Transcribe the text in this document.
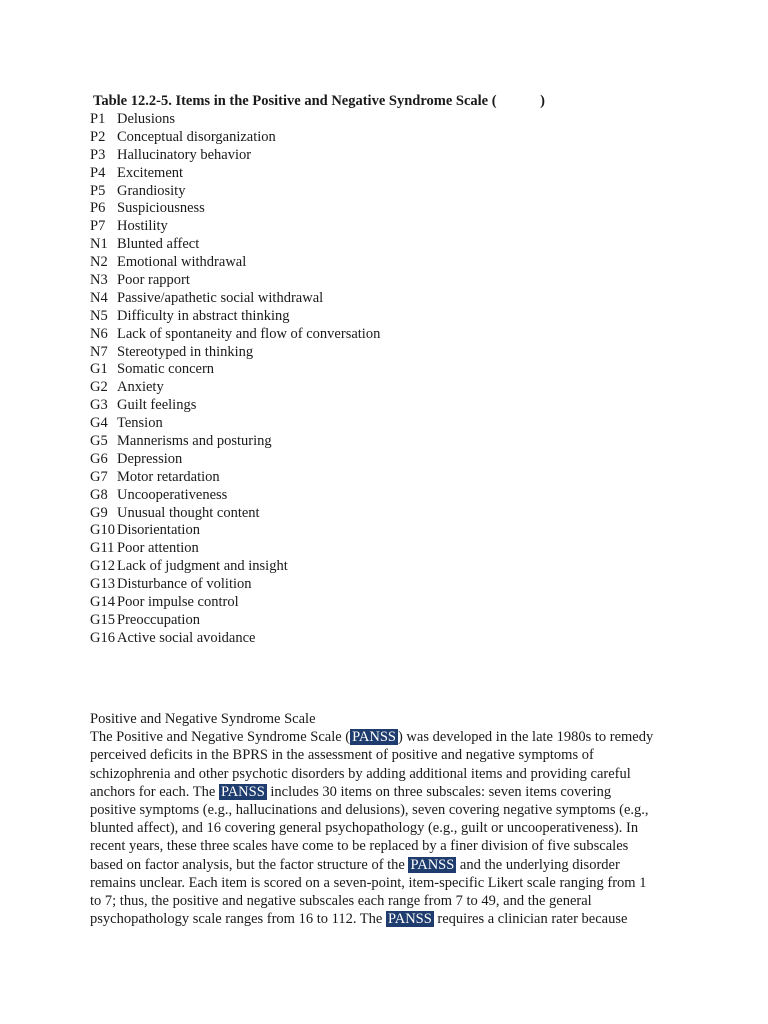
Table 12.2-5. Items in the Positive and Negative Syndrome Scale (            )

P1 Delusions
P2 Conceptual disorganization
P3 Hallucinatory behavior
P4 Excitement
P5 Grandiosity
P6 Suspiciousness
P7 Hostility
N1 Blunted affect
N2 Emotional withdrawal
N3 Poor rapport
N4 Passive/apathetic social withdrawal
N5 Difficulty in abstract thinking
N6 Lack of spontaneity and flow of conversation
N7 Stereotyped in thinking
G1 Somatic concern
G2 Anxiety
G3 Guilt feelings
G4 Tension
G5 Mannerisms and posturing
G6 Depression
G7 Motor retardation
G8 Uncooperativeness
G9 Unusual thought content
G10 Disorientation
G11 Poor attention
G12 Lack of judgment and insight
G13 Disturbance of volition
G14 Poor impulse control
G15 Preoccupation
G16 Active social avoidance

Positive and Negative Syndrome Scale

The Positive and Negative Syndrome Scale ( PANSS ) was developed in the late 1980s to remedy
perceived deficits in the BPRS in the assessment of positive and negative symptoms of
schizophrenia and other psychotic disorders by adding additional items and providing careful
anchors for each. The PANSS includes 30 items on three subscales: seven items covering
positive symptoms (e.g., hallucinations and delusions), seven covering negative symptoms (e.g.,
blunted affect), and 16 covering general psychopathology (e.g., guilt or uncooperativeness). In
recent years, these three scales have come to be replaced by a finer division of five subscales
based on factor analysis, but the factor structure of the PANSS and the underlying disorder
remains unclear. Each item is scored on a seven-point, item-specific Likert scale ranging from 1
to 7; thus, the positive and negative subscales each range from 7 to 49, and the general
psychopathology scale ranges from 16 to 112. The PANSS requires a clinician rater because
